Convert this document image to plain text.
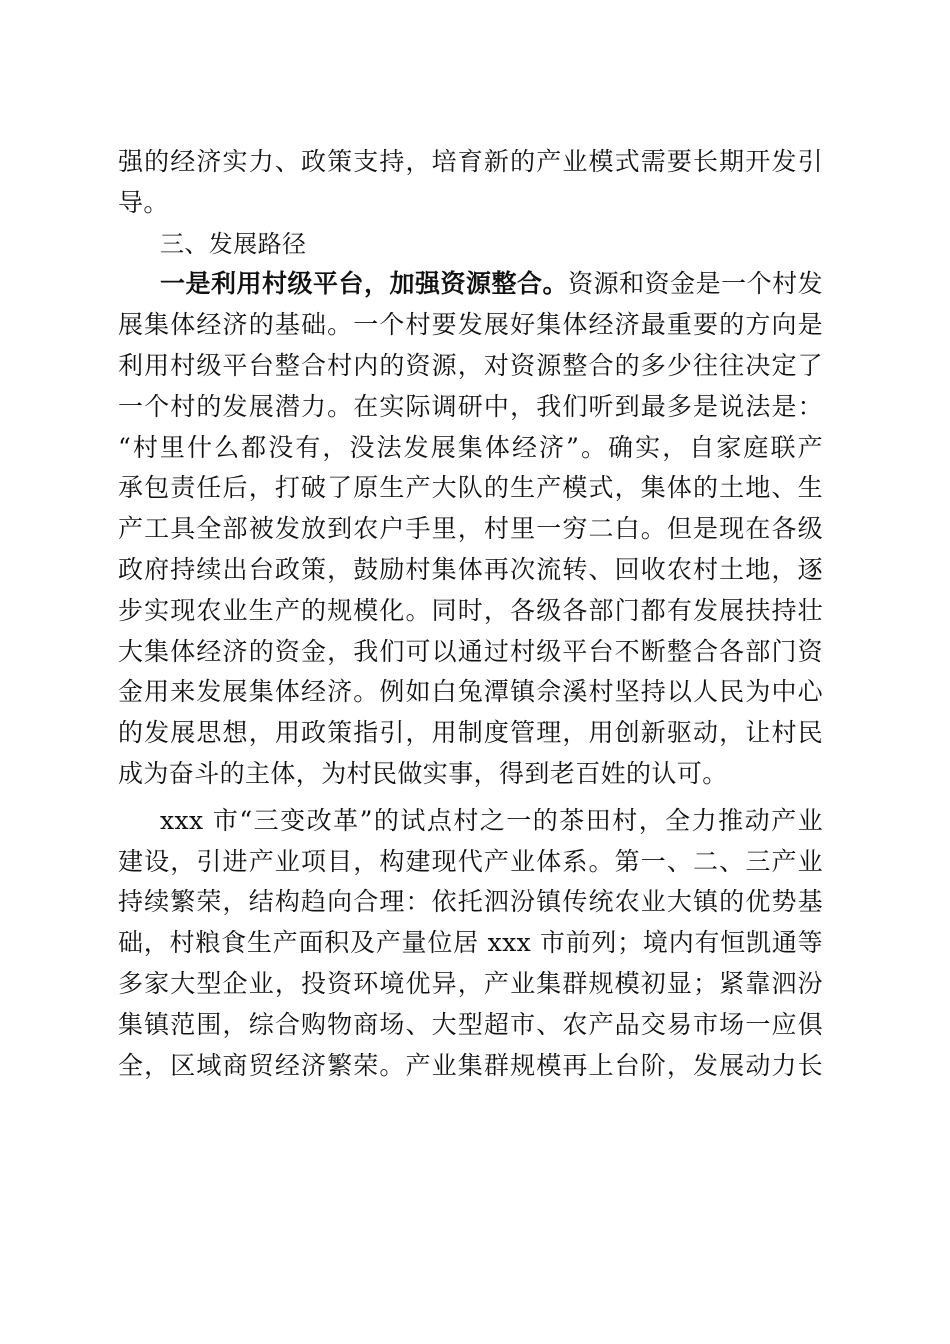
强的经济实力、政策支持，培育新的产业模式需要长期开发引
导。
三、发展路径
一是利用村级平台，加强资源整合。资源和资金是一个村发
展集体经济的基础。一个村要发展好集体经济最重要的方向是
利用村级平台整合村内的资源，对资源整合的多少往往决定了
一个村的发展潜力。在实际调研中，我们听到最多是说法是：
“村里什么都没有，没法发展集体经济”。确实，自家庭联产
承包责任后，打破了原生产大队的生产模式，集体的土地、生
产工具全部被发放到农户手里，村里一穷二白。但是现在各级
政府持续出台政策，鼓励村集体再次流转、回收农村土地，逐
步实现农业生产的规模化。同时，各级各部门都有发展扶持壮
大集体经济的资金，我们可以通过村级平台不断整合各部门资
金用来发展集体经济。例如白兔潭镇佘溪村坚持以人民为中心
的发展思想，用政策指引，用制度管理，用创新驱动，让村民
成为奋斗的主体，为村民做实事，得到老百姓的认可。
xxx 市“三变改革”的试点村之一的茶田村，全力推动产业
建设，引进产业项目，构建现代产业体系。第一、二、三产业
持续繁荣，结构趋向合理：依托泗汾镇传统农业大镇的优势基
础，村粮食生产面积及产量位居 xxx 市前列；境内有恒凯通等
多家大型企业，投资环境优异，产业集群规模初显；紧靠泗汾
集镇范围，综合购物商场、大型超市、农产品交易市场一应俱
全，区域商贸经济繁荣。产业集群规模再上台阶，发展动力长
